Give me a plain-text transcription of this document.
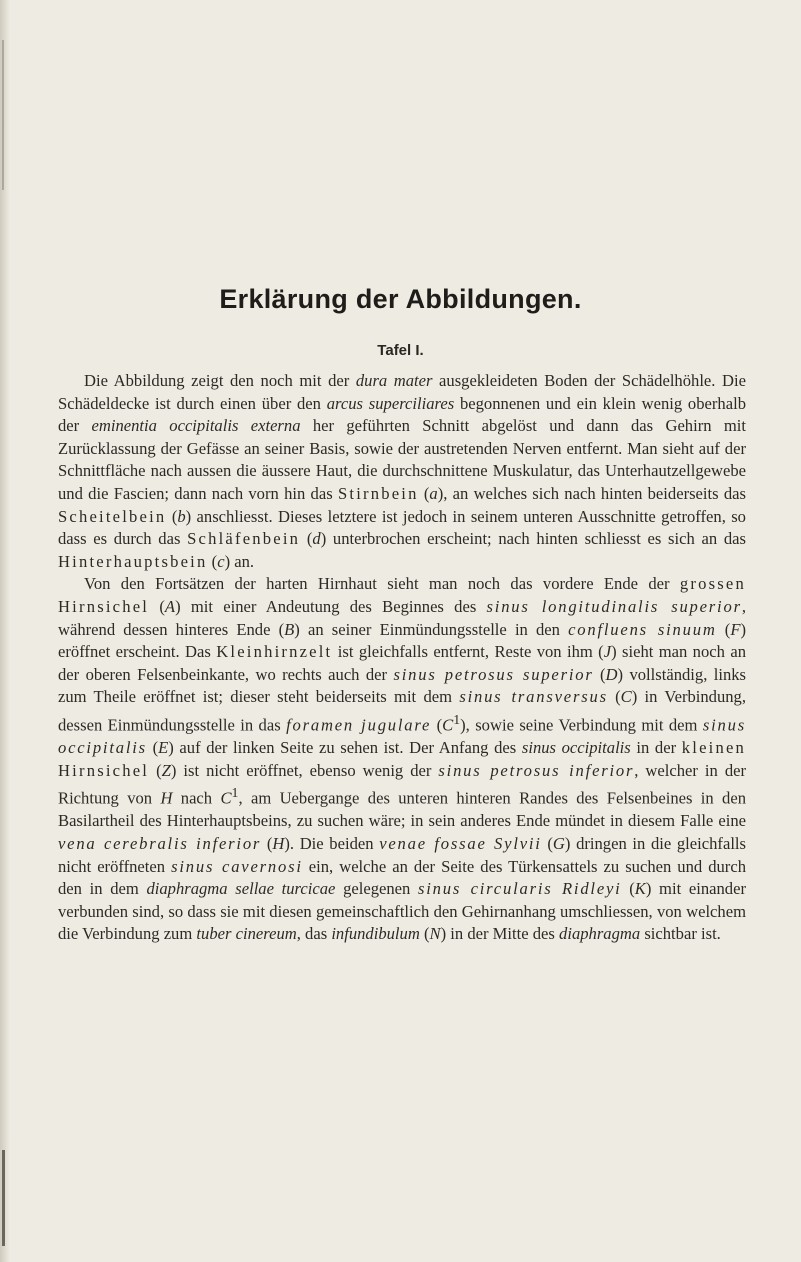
Erklärung der Abbildungen.
Tafel I.

Die Abbildung zeigt den noch mit der dura mater ausgekleideten Boden der Schädelhöhle. Die Schädeldecke ist durch einen über den arcus superciliares begonnenen und ein klein wenig oberhalb der eminentia occipitalis externa her geführten Schnitt abgelöst und dann das Gehirn mit Zurücklassung der Gefässe an seiner Basis, sowie der austretenden Nerven entfernt. Man sieht auf der Schnittfläche nach aussen die äussere Haut, die durchschnittene Muskulatur, das Unterhautzellgewebe und die Fascien; dann nach vorn hin das Stirnbein (a), an welches sich nach hinten beiderseits das Scheitelbein (b) anschliesst. Dieses letztere ist jedoch in seinem unteren Ausschnitte getroffen, so dass es durch das Schläfenbein (d) unterbrochen erscheint; nach hinten schliesst es sich an das Hinterhauptsbein (c) an.

Von den Fortsätzen der harten Hirnhaut sieht man noch das vordere Ende der grossen Hirnsichel (A) mit einer Andeutung des Beginnes des sinus longitudinalis superior, während dessen hinteres Ende (B) an seiner Einmündungsstelle in den confluens sinuum (F) eröffnet erscheint. Das Kleinhirnzelt ist gleichfalls entfernt, Reste von ihm (J) sieht man noch an der oberen Felsenbeinkante, wo rechts auch der sinus petrosus superior (D) vollständig, links zum Theile eröffnet ist; dieser steht beiderseits mit dem sinus transversus (C) in Verbindung, dessen Einmündungsstelle in das foramen jugulare $(C^1)$, sowie seine Verbindung mit dem sinus occipitalis (E) auf der linken Seite zu sehen ist. Der Anfang des sinus occipitalis in der kleinen Hirnsichel (Z) ist nicht eröffnet, ebenso wenig der sinus petrosus inferior, welcher in der Richtung von H nach $C^1$, am Uebergange des unteren hinteren Randes des Felsenbeines in den Basilartheil des Hinterhauptsbeins, zu suchen wäre; in sein anderes Ende mündet in diesem Falle eine vena cerebralis inferior (H). Die beiden venae fossae Sylvii (G) dringen in die gleichfalls nicht eröffneten sinus cavernosi ein, welche an der Seite des Türkensattels zu suchen und durch den in dem diaphragma sellae turcicae gelegenen sinus circularis Ridleyi (K) mit einander verbunden sind, so dass sie mit diesen gemeinschaftlich den Gehirnanhang umschliessen, von welchem die Verbindung zum tuber cinereum, das infundibulum (N) in der Mitte des diaphragma sichtbar ist.
